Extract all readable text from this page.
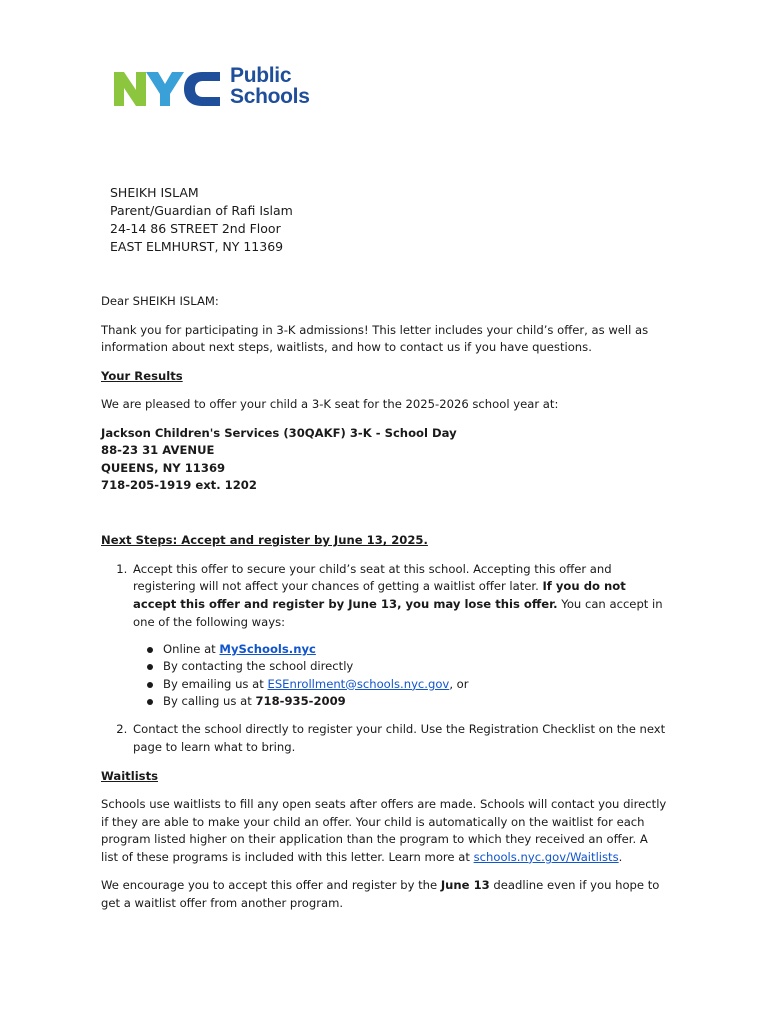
Public
Schools
SHEIKH ISLAM
Parent/Guardian of Rafi Islam
24-14 86 STREET 2nd Floor
EAST ELMHURST, NY 11369

Dear SHEIKH ISLAM:

Thank you for participating in 3-K admissions! This letter includes your child’s offer, as well as information about next steps, waitlists, and how to contact us if you have questions.

Your Results

We are pleased to offer your child a 3-K seat for the 2025-2026 school year at:

Jackson Children's Services (30QAKF) 3-K - School Day
88-23 31 AVENUE
QUEENS, NY 11369
718-205-1919 ext. 1202

Next Steps: Accept and register by June 13, 2025.

1. Accept this offer to secure your child’s seat at this school. Accepting this offer and registering will not affect your chances of getting a waitlist offer later. If you do not accept this offer and register by June 13, you may lose this offer. You can accept in one of the following ways:
Online at MySchools.nyc
By contacting the school directly
By emailing us at ESEnrollment@schools.nyc.gov, or
By calling us at 718-935-2009
2. Contact the school directly to register your child. Use the Registration Checklist on the next page to learn what to bring.

Waitlists

Schools use waitlists to fill any open seats after offers are made. Schools will contact you directly if they are able to make your child an offer. Your child is automatically on the waitlist for each program listed higher on their application than the program to which they received an offer. A list of these programs is included with this letter. Learn more at schools.nyc.gov/Waitlists.

We encourage you to accept this offer and register by the June 13 deadline even if you hope to get a waitlist offer from another program.
